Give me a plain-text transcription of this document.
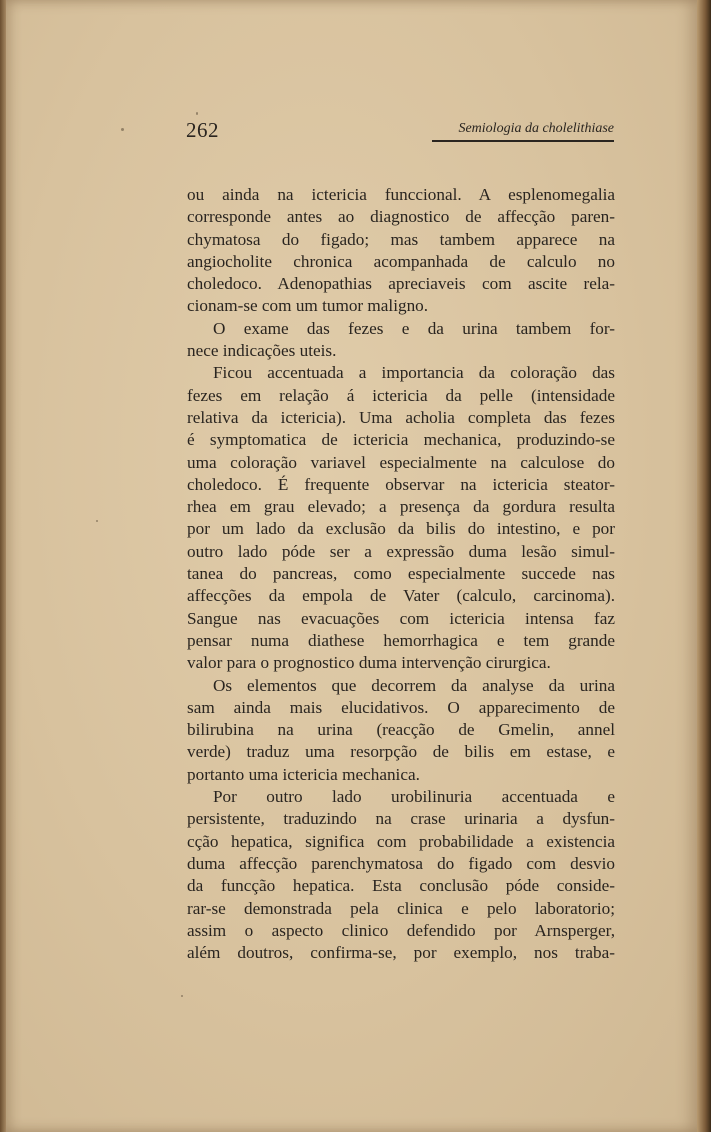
262	Semiologia da cholelithiase
ou ainda na ictericia funccional. A esplenomegalia
corresponde antes ao diagnostico de affecção paren-
chymatosa do figado; mas tambem apparece na
angiocholite chronica acompanhada de calculo no
choledoco. Adenopathias apreciaveis com ascite rela-
cionam-se com um tumor maligno.
O exame das fezes e da urina tambem for-
nece indicações uteis.
Ficou accentuada a importancia da coloração das
fezes em relação á ictericia da pelle (intensidade
relativa da ictericia). Uma acholia completa das fezes
é symptomatica de ictericia mechanica, produzindo-se
uma coloração variavel especialmente na calculose do
choledoco. É frequente observar na ictericia steator-
rhea em grau elevado; a presença da gordura resulta
por um lado da exclusão da bilis do intestino, e por
outro lado póde ser a expressão duma lesão simul-
tanea do pancreas, como especialmente succede nas
affecções da empola de Vater (calculo, carcinoma).
Sangue nas evacuações com ictericia intensa faz
pensar numa diathese hemorrhagica e tem grande
valor para o prognostico duma intervenção cirurgica.
Os elementos que decorrem da analyse da urina
sam ainda mais elucidativos. O apparecimento de
bilirubina na urina (reacção de Gmelin, annel
verde) traduz uma resorpção de bilis em estase, e
portanto uma ictericia mechanica.
Por outro lado urobilinuria accentuada e
persistente, traduzindo na crase urinaria a dysfun-
cção hepatica, significa com probabilidade a existencia
duma affecção parenchymatosa do figado com desvio
da funcção hepatica. Esta conclusão póde conside-
rar-se demonstrada pela clinica e pelo laboratorio;
assim o aspecto clinico defendido por Arnsperger,
além doutros, confirma-se, por exemplo, nos traba-
